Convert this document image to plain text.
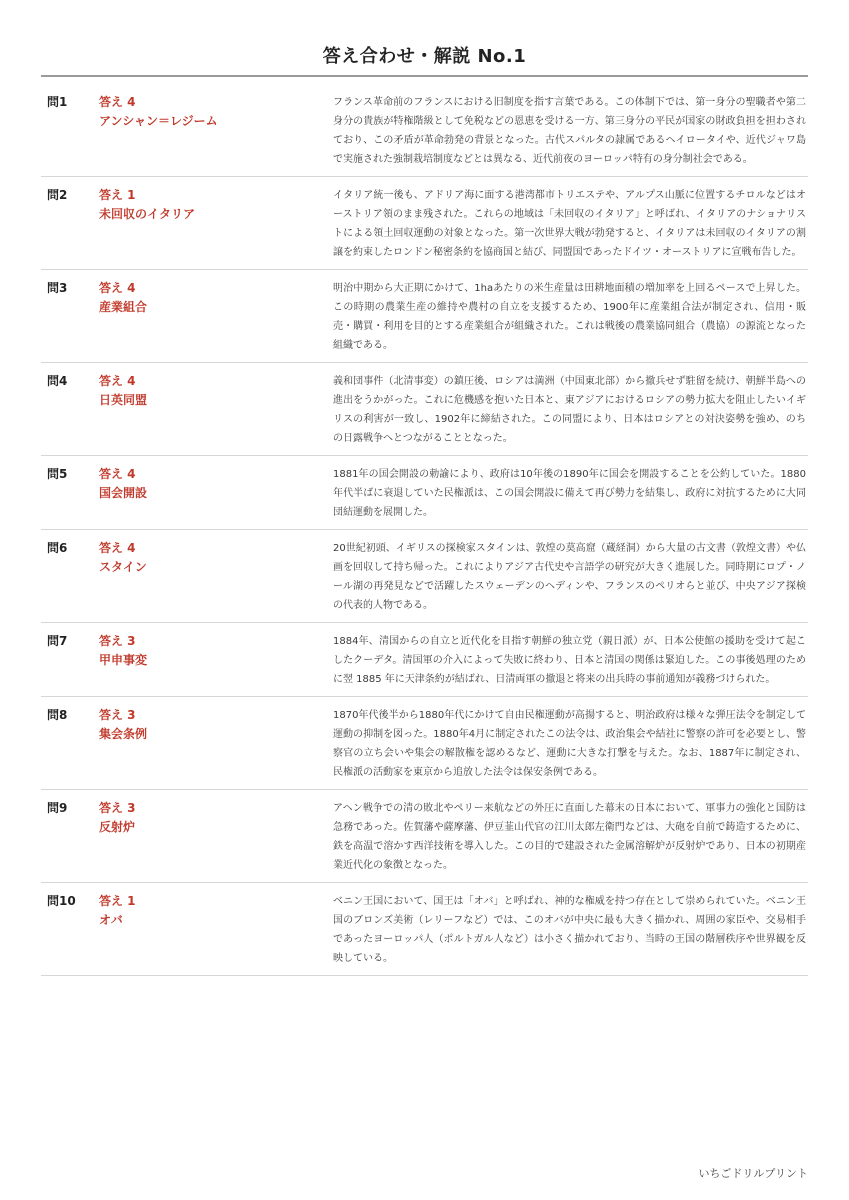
答え合わせ・解説 No.1
問1	答え 4
アンシャン＝レジーム
フランス革命前のフランスにおける旧制度を指す言葉である。この体制下では、第一身分の聖職者や第二身分の貴族が特権階級として免税などの恩恵を受ける一方、第三身分の平民が国家の財政負担を担わされており、この矛盾が革命勃発の背景となった。古代スパルタの隷属であるヘイロータイや、近代ジャワ島で実施された強制栽培制度などとは異なる、近代前夜のヨーロッパ特有の身分制社会である。
問2	答え 1
未回収のイタリア
イタリア統一後も、アドリア海に面する港湾都市トリエステや、アルプス山脈に位置するチロルなどはオーストリア領のまま残された。これらの地域は「未回収のイタリア」と呼ばれ、イタリアのナショナリストによる領土回収運動の対象となった。第一次世界大戦が勃発すると、イタリアは未回収のイタリアの割譲を約束したロンドン秘密条約を協商国と結び、同盟国であったドイツ・オーストリアに宣戦布告した。
問3	答え 4
産業組合
明治中期から大正期にかけて、1haあたりの米生産量は田耕地面積の増加率を上回るペースで上昇した。この時期の農業生産の維持や農村の自立を支援するため、1900年に産業組合法が制定され、信用・販売・購買・利用を目的とする産業組合が組織された。これは戦後の農業協同組合（農協）の源流となった組織である。
問4	答え 4
日英同盟
義和団事件（北清事変）の鎮圧後、ロシアは満洲（中国東北部）から撤兵せず駐留を続け、朝鮮半島への進出をうかがった。これに危機感を抱いた日本と、東アジアにおけるロシアの勢力拡大を阻止したいイギリスの利害が一致し、1902年に締結された。この同盟により、日本はロシアとの対決姿勢を強め、のちの日露戦争へとつながることとなった。
問5	答え 4
国会開設
1881年の国会開設の勅諭により、政府は10年後の1890年に国会を開設することを公約していた。1880年代半ばに衰退していた民権派は、この国会開設に備えて再び勢力を結集し、政府に対抗するために大同団結運動を展開した。
問6	答え 4
スタイン
20世紀初頭、イギリスの探検家スタインは、敦煌の莫高窟（蔵経洞）から大量の古文書（敦煌文書）や仏画を回収して持ち帰った。これによりアジア古代史や言語学の研究が大きく進展した。同時期にロプ・ノール湖の再発見などで活躍したスウェーデンのヘディンや、フランスのペリオらと並び、中央アジア探検の代表的人物である。
問7	答え 3
甲申事変
1884年、清国からの自立と近代化を目指す朝鮮の独立党（親日派）が、日本公使館の援助を受けて起こしたクーデタ。清国軍の介入によって失敗に終わり、日本と清国の関係は緊迫した。この事後処理のために翌 1885 年に天津条約が結ばれ、日清両軍の撤退と将来の出兵時の事前通知が義務づけられた。
問8	答え 3
集会条例
1870年代後半から1880年代にかけて自由民権運動が高揚すると、明治政府は様々な弾圧法令を制定して運動の抑制を図った。1880年4月に制定されたこの法令は、政治集会や結社に警察の許可を必要とし、警察官の立ち会いや集会の解散権を認めるなど、運動に大きな打撃を与えた。なお、1887年に制定され、民権派の活動家を東京から追放した法令は保安条例である。
問9	答え 3
反射炉
アヘン戦争での清の敗北やペリー来航などの外圧に直面した幕末の日本において、軍事力の強化と国防は急務であった。佐賀藩や薩摩藩、伊豆韮山代官の江川太郎左衛門などは、大砲を自前で鋳造するために、鉄を高温で溶かす西洋技術を導入した。この目的で建設された金属溶解炉が反射炉であり、日本の初期産業近代化の象徴となった。
問10	答え 1
オバ
ベニン王国において、国王は「オバ」と呼ばれ、神的な権威を持つ存在として崇められていた。ベニン王国のブロンズ美術（レリーフなど）では、このオバが中央に最も大きく描かれ、周囲の家臣や、交易相手であったヨーロッパ人（ポルトガル人など）は小さく描かれており、当時の王国の階層秩序や世界観を反映している。
いちごドリルプリント
